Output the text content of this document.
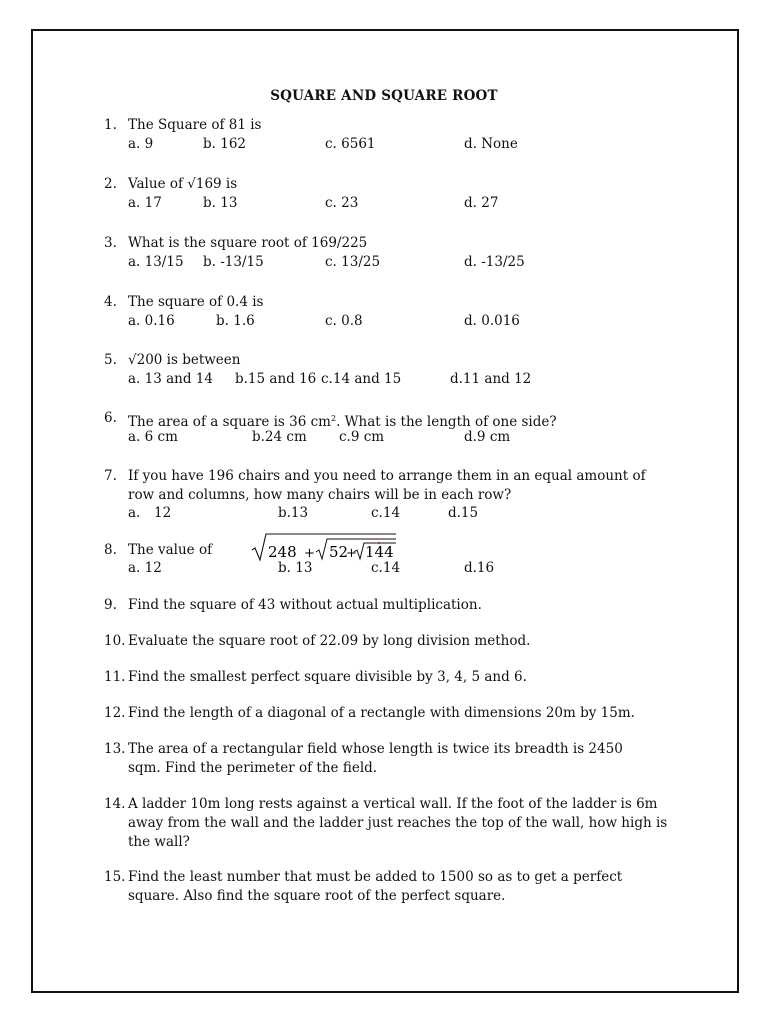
SQUARE AND SQUARE ROOT
1. The Square of 81 is
a. 9	b. 162	c. 6561	d. None
2. Value of √169 is
a. 17	b. 13	c. 23	d. 27
3. What is the square root of 169/225
a. 13/15 b. -13/15	c. 13/25	d. -13/25
4. The square of 0.4 is
a. 0.16	b. 1.6	c. 0.8	d. 0.016
5. √200 is between
a. 13 and 14 b.15 and 16 c.14 and 15	d.11 and 12
6. The area of a square is 36 $cm^2$. What is the length of one side?
a. 6 cm	b.24 cm c.9 cm	d.9 cm
7. If you have 196 chairs and you need to arrange them in an equal amount of row and columns, how many chairs will be in each row?
a. 12	b.13	c.14	d.15
8. The value of	248 + 52
+ 144
a. 12	b. 13	c.14	d.16
9. Find the square of 43 without actual multiplication.
10. Evaluate the square root of 22.09 by long division method.
11. Find the smallest perfect square divisible by 3, 4, 5 and 6.
12. Find the length of a diagonal of a rectangle with dimensions 20m by 15m.
13. The area of a rectangular field whose length is twice its breadth is 2450 sqm. Find the perimeter of the field.
14. A ladder 10m long rests against a vertical wall. If the foot of the ladder is 6m away from the wall and the ladder just reaches the top of the wall, how high is the wall?
15. Find the least number that must be added to 1500 so as to get a perfect square. Also find the square root of the perfect square.
